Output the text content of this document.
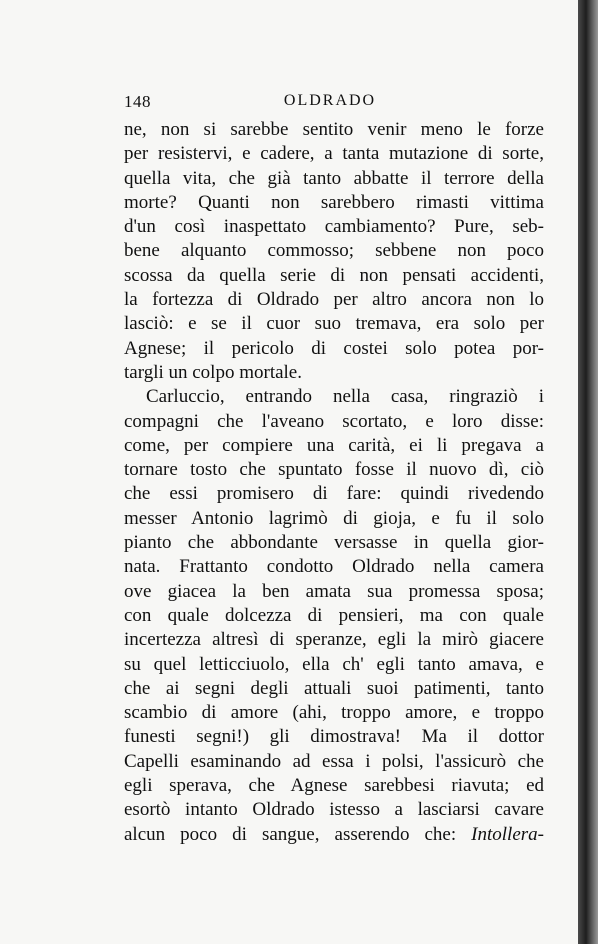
148	OLDRADO
ne, non si sarebbe sentito venir meno le forze
per resistervi, e cadere, a tanta mutazione di sorte,
quella vita, che già tanto abbatte il terrore della
morte? Quanti non sarebbero rimasti vittima
d'un così inaspettato cambiamento? Pure, seb-
bene alquanto commosso; sebbene non poco
scossa da quella serie di non pensati accidenti,
la fortezza di Oldrado per altro ancora non lo
lasciò: e se il cuor suo tremava, era solo per
Agnese; il pericolo di costei solo potea por-
targli un colpo mortale.
Carluccio, entrando nella casa, ringraziò i
compagni che l'aveano scortato, e loro disse:
come, per compiere una carità, ei li pregava a
tornare tosto che spuntato fosse il nuovo dì, ciò
che essi promisero di fare: quindi rivedendo
messer Antonio lagrimò di gioja, e fu il solo
pianto che abbondante versasse in quella gior-
nata. Frattanto condotto Oldrado nella camera
ove giacea la ben amata sua promessa sposa;
con quale dolcezza di pensieri, ma con quale
incertezza altresì di speranze, egli la mirò giacere
su quel letticciuolo, ella ch' egli tanto amava, e
che ai segni degli attuali suoi patimenti, tanto
scambio di amore (ahi, troppo amore, e troppo
funesti segni!) gli dimostrava! Ma il dottor
Capelli esaminando ad essa i polsi, l'assicurò che
egli sperava, che Agnese sarebbesi riavuta; ed
esortò intanto Oldrado istesso a lasciarsi cavare
alcun poco di sangue, asserendo che: Intollera-
